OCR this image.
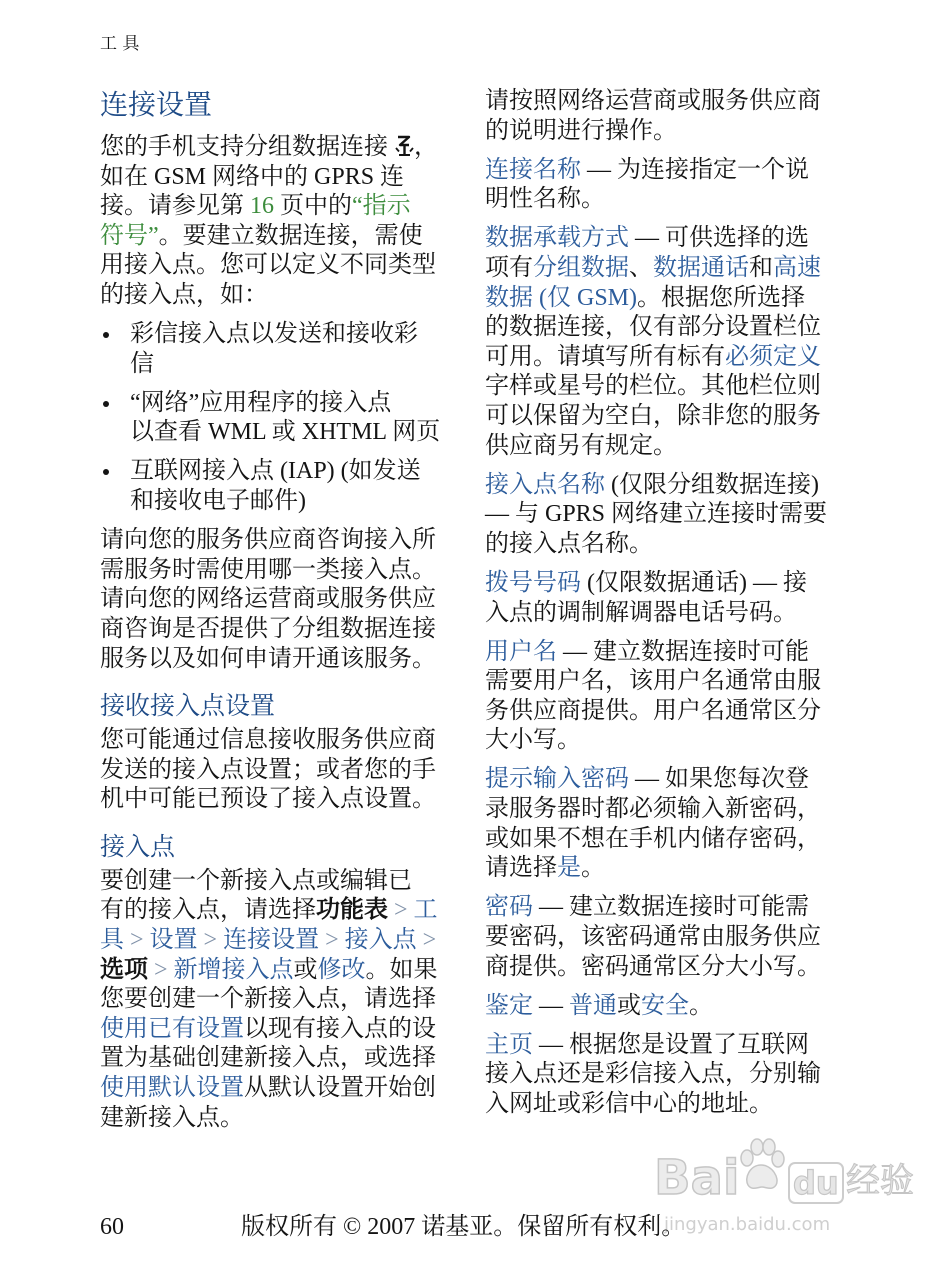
工 具
连接设置
您的手机支持分组数据连接
，
如在 GSM 网络中的 GPRS 连
接。请参见第 16 页中的“指示
符号”。要建立数据连接，需使
用接入点。您可以定义不同类型
的接入点，如：
彩信接入点以发送和接收彩
信
“网络”应用程序的接入点
以查看 WML 或 XHTML 网页
互联网接入点 (IAP) (如发送
和接收电子邮件)
请向您的服务供应商咨询接入所
需服务时需使用哪一类接入点。
请向您的网络运营商或服务供应
商咨询是否提供了分组数据连接
服务以及如何申请开通该服务。
接收接入点设置
您可能通过信息接收服务供应商
发送的接入点设置；或者您的手
机中可能已预设了接入点设置。
接入点
要创建一个新接入点或编辑已
有的接入点，请选择功能表 > 工
具 > 设置 > 连接设置 > 接入点 >
选项 > 新增接入点或修改。如果
您要创建一个新接入点，请选择
使用已有设置以现有接入点的设
置为基础创建新接入点，或选择
使用默认设置从默认设置开始创
建新接入点。
请按照网络运营商或服务供应商
的说明进行操作。
连接名称 — 为连接指定一个说
明性名称。
数据承载方式 — 可供选择的选
项有分组数据、数据通话和高速
数据 (仅 GSM)。根据您所选择
的数据连接，仅有部分设置栏位
可用。请填写所有标有必须定义
字样或星号的栏位。其他栏位则
可以保留为空白，除非您的服务
供应商另有规定。
接入点名称 (仅限分组数据连接)
— 与 GPRS 网络建立连接时需要
的接入点名称。
拨号号码 (仅限数据通话) — 接
入点的调制解调器电话号码。
用户名 — 建立数据连接时可能
需要用户名，该用户名通常由服
务供应商提供。用户名通常区分
大小写。
提示输入密码 — 如果您每次登
录服务器时都必须输入新密码，
或如果不想在手机内储存密码，
请选择是。
密码 — 建立数据连接时可能需
要密码，该密码通常由服务供应
商提供。密码通常区分大小写。
鉴定 — 普通或安全。
主页 — 根据您是设置了互联网
接入点还是彩信接入点，分别输
入网址或彩信中心的地址。
Bai du 经验
jingyan.baidu.com
60	版权所有 © 2007 诺基亚。保留所有权利。
